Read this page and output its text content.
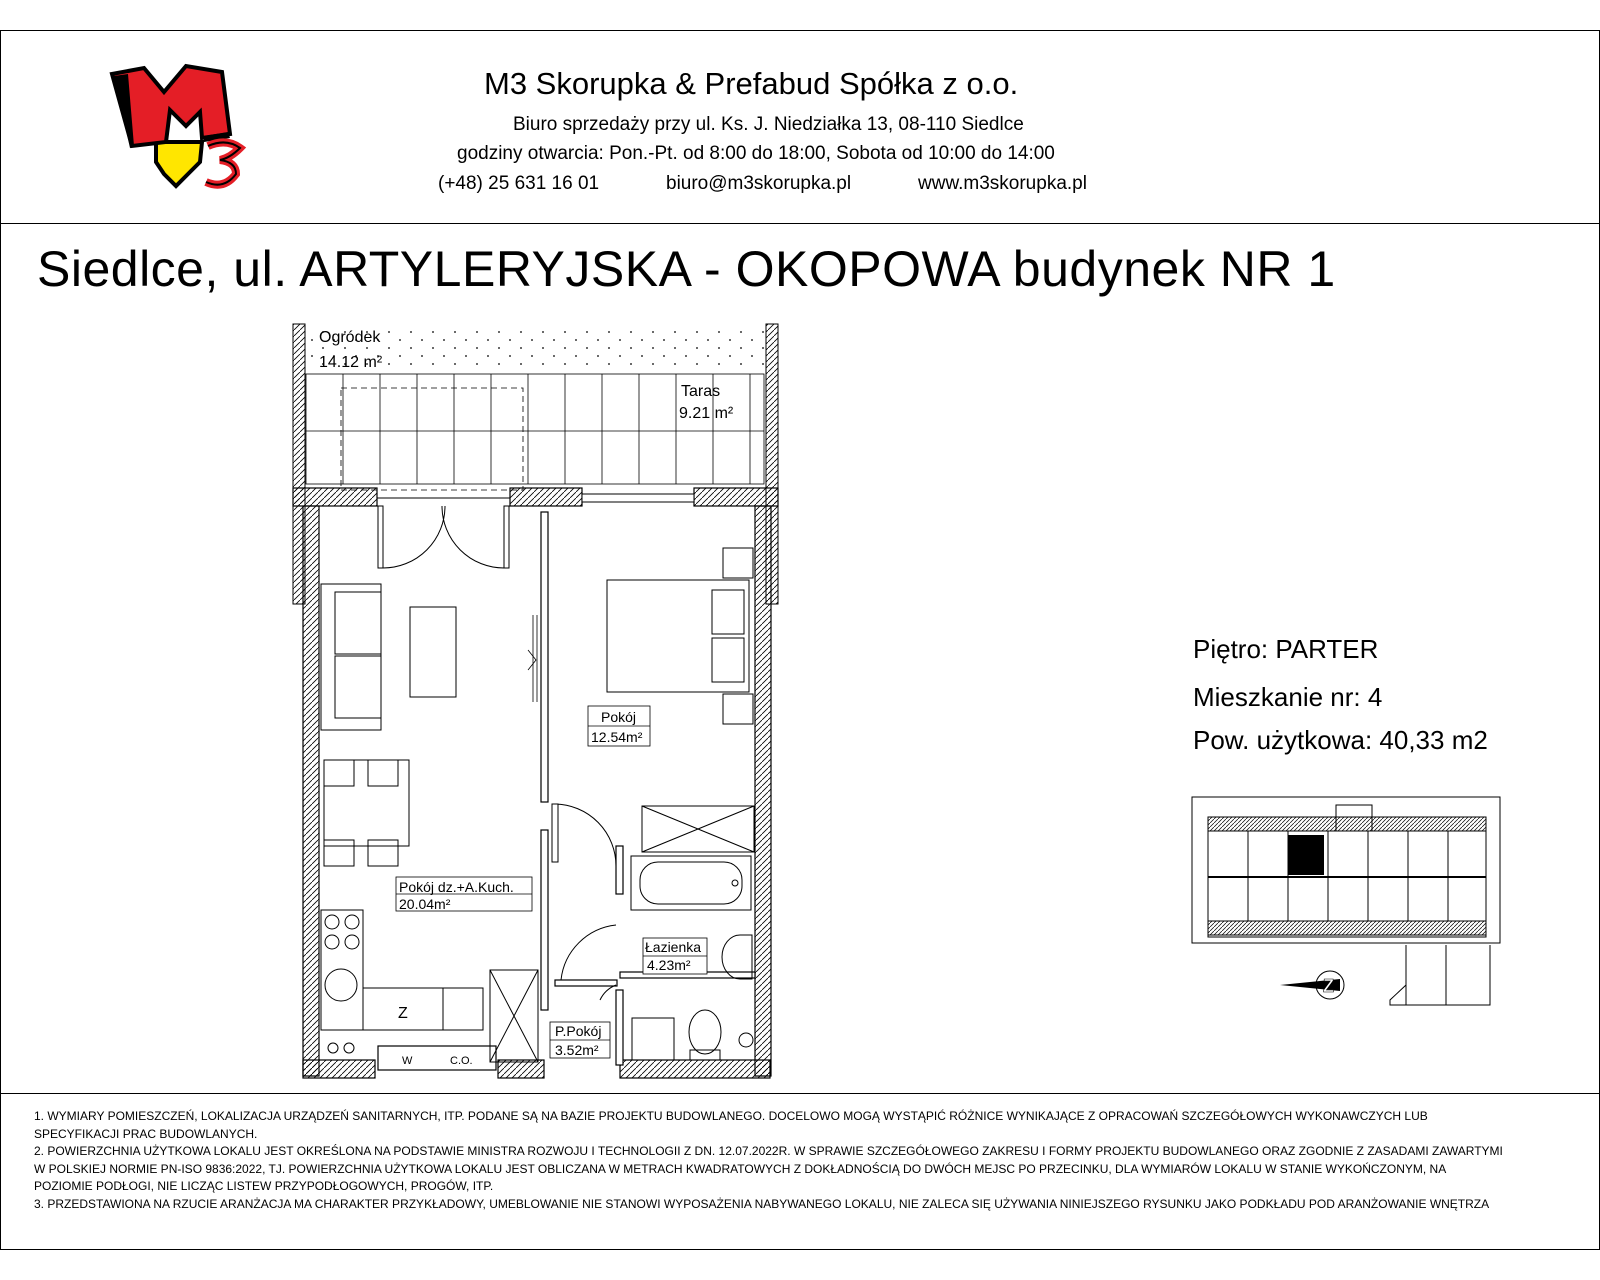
M3
M3 Skorupka & Prefabud Spółka z o.o.
Biuro sprzedaży przy ul. Ks. J. Niedziałka 13, 08-110 Siedlce
godziny otwarcia: Pon.-Pt. od 8:00 do 18:00, Sobota od 10:00 do 14:00
(+48) 25 631 16 01	biuro@m3skorupka.pl	www.m3skorupka.pl
Siedlce, ul. ARTYLERYJSKA - OKOPOWA budynek NR 1
Piętro: PARTER
Mieszkanie nr: 4
Pow. użytkowa: 40,33 m2
Ogródek
14.12 m²
Taras
9.21 m²
W	C.O.
Z
Pokój
12.54m²
Pokój dz.+A.Kuch.
20.04m²
Łazienka
4.23m²
P.Pokój
3.52m²
Z

1. WYMIARY POMIESZCZEŃ, LOKALIZACJA URZĄDZEŃ SANITARNYCH, ITP. PODANE SĄ NA BAZIE PROJEKTU BUDOWLANEGO. DOCELOWO MOGĄ WYSTĄPIĆ RÓŻNICE WYNIKAJĄCE Z OPRACOWAŃ SZCZEGÓŁOWYCH WYKONAWCZYCH LUB SPECYFIKACJI PRAC BUDOWLANYCH.

2. POWIERZCHNIA UŻYTKOWA LOKALU JEST OKREŚLONA NA PODSTAWIE MINISTRA ROZWOJU I TECHNOLOGII Z DN. 12.07.2022R. W SPRAWIE SZCZEGÓŁOWEGO ZAKRESU I FORMY PROJEKTU BUDOWLANEGO ORAZ ZGODNIE Z ZASADAMI ZAWARTYMI W POLSKIEJ NORMIE PN-ISO 9836:2022, TJ. POWIERZCHNIA UŻYTKOWA LOKALU JEST OBLICZANA W METRACH KWADRATOWYCH Z DOKŁADNOŚCIĄ DO DWÓCH MEJSC PO PRZECINKU, DLA WYMIARÓW LOKALU W STANIE WYKOŃCZONYM, NA POZIOMIE PODŁOGI, NIE LICZĄC LISTEW PRZYPODŁOGOWYCH, PROGÓW, ITP.

3. PRZEDSTAWIONA NA RZUCIE ARANŻACJA MA CHARAKTER PRZYKŁADOWY, UMEBLOWANIE NIE STANOWI WYPOSAŻENIA NABYWANEGO LOKALU, NIE ZALECA SIĘ UŻYWANIA NINIEJSZEGO RYSUNKU JAKO PODKŁADU POD ARANŻOWANIE WNĘTRZA
